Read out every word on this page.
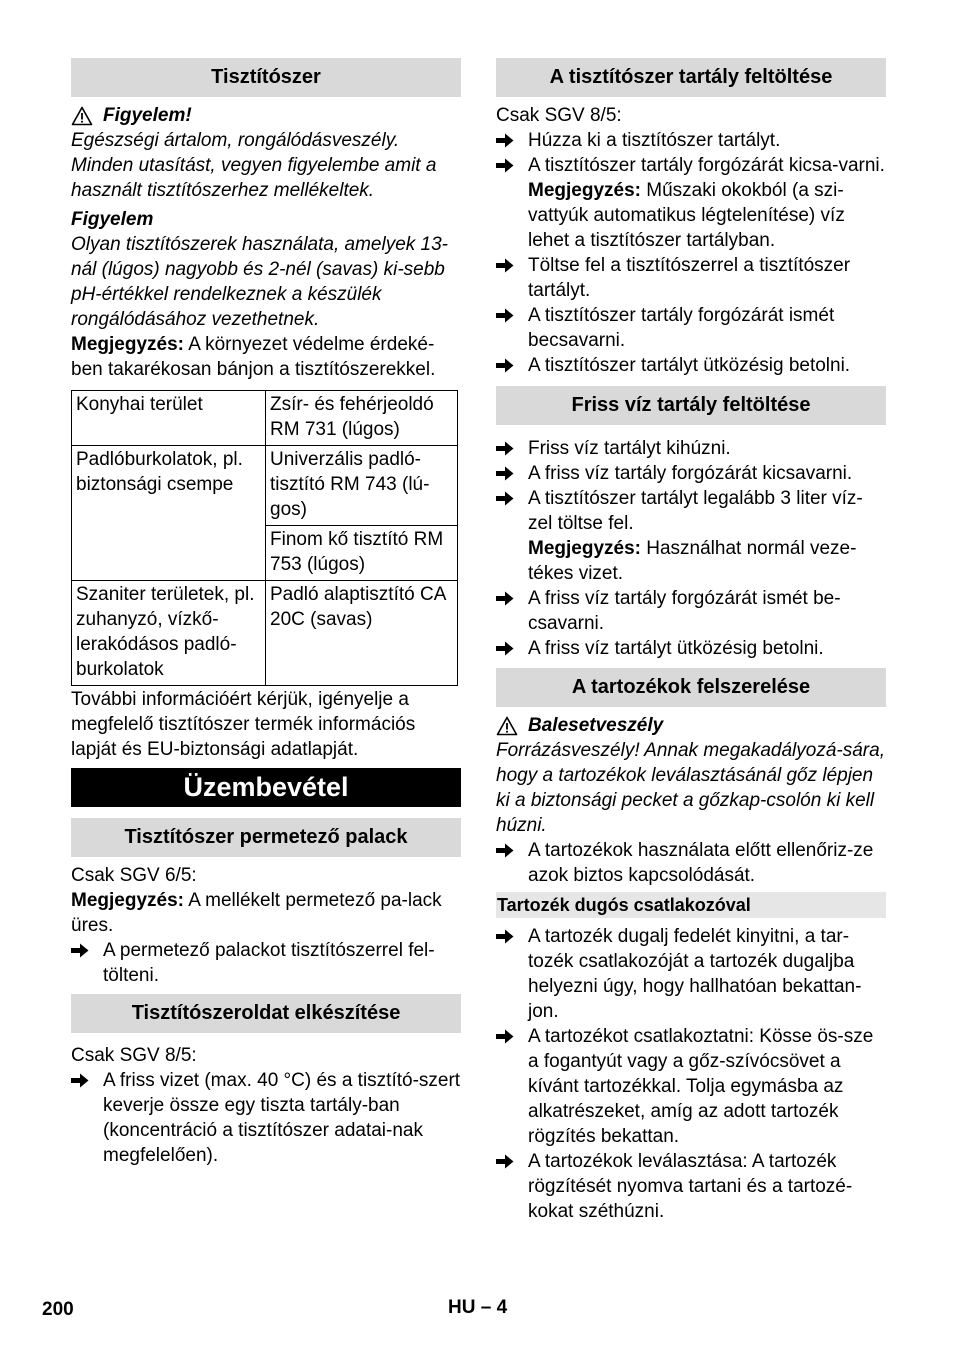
Tisztítószer
Figyelem!

Egészségi ártalom, rongálódásveszély. Minden utasítást, vegyen figyelembe amit a használt tisztítószerhez mellékeltek.

Figyelem

Olyan tisztítószerek használata, amelyek 13-nál (lúgos) nagyobb és 2-nél (savas) ki-sebb pH-értékkel rendelkeznek a készülék rongálódásához vezethetnek.

Megjegyzés: A környezet védelme érdeké-ben takarékosan bánjon a tisztítószerekkel.

Konyhai terület	Zsír- és fehérjeoldó RM 731 (lúgos)
Padlóburkolatok, pl. biztonsági csempe	Univerzális padló-tisztító RM 743 (lú-gos)
	Finom kő tisztító RM 753 (lúgos)
Szaniter területek, pl. zuhanyzó, vízkő-lerakódásos padló-burkolatok	Padló alaptisztító CA 20C (savas)

További információért kérjük, igényelje a megfelelő tisztítószer termék információs lapját és EU-biztonsági adatlapját.

Üzembevétel
Tisztítószer permetező palack

Csak SGV 6/5:

Megjegyzés: A mellékelt permetező pa-lack üres.

A permetező palackot tisztítószerrel fel-tölteni.
Tisztítószeroldat elkészítése

Csak SGV 8/5:

A friss vizet (max. 40 °C) és a tisztító-szert keverje össze egy tiszta tartály-ban (koncentráció a tisztítószer adatai-nak megfelelően).
A tisztítószer tartály feltöltése

Csak SGV 8/5:

Húzza ki a tisztítószer tartályt.
A tisztítószer tartály forgózárát kicsa-varni.

Megjegyzés: Műszaki okokból (a szi-vattyúk automatikus légtelenítése) víz lehet a tisztítószer tartályban.

Töltse fel a tisztítószerrel a tisztítószer tartályt.
A tisztítószer tartály forgózárát ismét becsavarni.
A tisztítószer tartályt ütközésig betolni.
Friss víz tartály feltöltése
Friss víz tartályt kihúzni.
A friss víz tartály forgózárát kicsavarni.
A tisztítószer tartályt legalább 3 liter víz-zel töltse fel.

Megjegyzés: Használhat normál veze-tékes vizet.

A friss víz tartály forgózárát ismét be-csavarni.
A friss víz tartályt ütközésig betolni.
A tartozékok felszerelése
Balesetveszély

Forrázásveszély! Annak megakadályozá-sára, hogy a tartozékok leválasztásánál gőz lépjen ki a biztonsági pecket a gőzkap-csolón ki kell húzni.

A tartozékok használata előtt ellenőriz-ze azok biztos kapcsolódását.
Tartozék dugós csatlakozóval
A tartozék dugalj fedelét kinyitni, a tar-tozék csatlakozóját a tartozék dugaljba helyezni úgy, hogy hallhatóan bekattan-jon.
A tartozékot csatlakoztatni: Kösse ös-sze a fogantyút vagy a gőz-szívócsövet a kívánt tartozékkal. Tolja egymásba az alkatrészeket, amíg az adott tartozék rögzítés bekattan.
A tartozékok leválasztása: A tartozék rögzítését nyomva tartani és a tartozé-kokat széthúzni.
200	HU – 4
